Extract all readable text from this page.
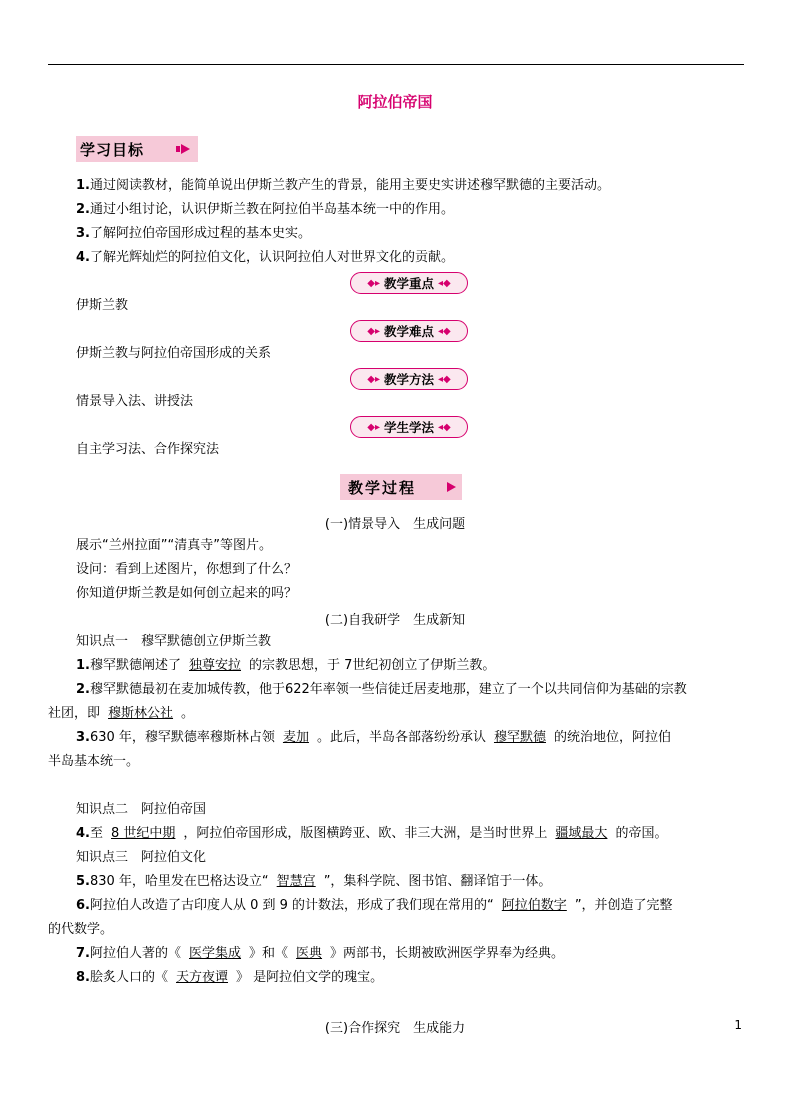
阿拉伯帝国
学习目标
1.通过阅读教材，能简单说出伊斯兰教产生的背景，能用主要史实讲述穆罕默德的主要活动。
2.通过小组讨论，认识伊斯兰教在阿拉伯半岛基本统一中的作用。
3.了解阿拉伯帝国形成过程的基本史实。
4.了解光辉灿烂的阿拉伯文化，认识阿拉伯人对世界文化的贡献。
◆▸ 教学重点 ◂◆
伊斯兰教
◆▸ 教学难点 ◂◆
伊斯兰教与阿拉伯帝国形成的关系
◆▸ 教学方法 ◂◆
情景导入法、讲授法
◆▸ 学生学法 ◂◆
自主学习法、合作探究法
教学过程
(一)情景导入　生成问题
展示“兰州拉面”“清真寺”等图片。
设问：看到上述图片，你想到了什么？
你知道伊斯兰教是如何创立起来的吗？
(二)自我研学　生成新知
知识点一　穆罕默德创立伊斯兰教
1.穆罕默德阐述了 独尊安拉 的宗教思想，于 7世纪初创立了伊斯兰教。
2.穆罕默德最初在麦加城传教，他于622年率领一些信徒迁居麦地那，建立了一个以共同信仰为基础的宗教
社团，即 穆斯林公社 。
3.630 年，穆罕默德率穆斯林占领 麦加 。此后，半岛各部落纷纷承认 穆罕默德 的统治地位，阿拉伯
半岛基本统一。
知识点二　阿拉伯帝国
4.至 8 世纪中期 ，阿拉伯帝国形成，版图横跨亚、欧、非三大洲，是当时世界上 疆域最大 的帝国。
知识点三　阿拉伯文化
5.830 年，哈里发在巴格达设立“ 智慧宫 ”，集科学院、图书馆、翻译馆于一体。
6.阿拉伯人改造了古印度人从 0 到 9 的计数法，形成了我们现在常用的“ 阿拉伯数字 ”，并创造了完整
的代数学。
7.阿拉伯人著的《 医学集成 》和《 医典 》两部书，长期被欧洲医学界奉为经典。
8.脍炙人口的《 天方夜谭 》 是阿拉伯文学的瑰宝。
(三)合作探究　生成能力	1
